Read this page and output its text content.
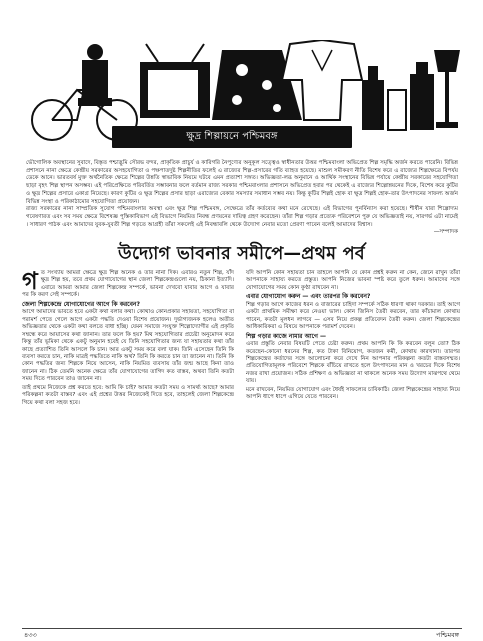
ক্ষুদ্র শিল্পায়নে পশ্চিমবঙ্গ
ভৌগোলিক অবস্থানের সুবাদে, বিস্তৃত পশ্চাদ্ভূমি সৌরভ বন্দর, প্রাকৃতিক প্রাচুর্য ও কারিগরি নৈপুণ্যের অনুকূল সত্ত্বেও স্বাধীনতার উত্তর পশ্চিমবাংলা অভিপ্রেত শিল্প সমৃদ্ধি অর্জন করতে পারেনি। বিভিন্ন প্রশাসনে নানা ক্ষেত্রে কেন্দ্রীয় সরকারের অসহযোগিতা ও পক্ষপাতদুষ্ট শিল্পনীতির ফলেই এ রাজ্যের শিল্প-প্রসারের গতি ব্যাহত হয়েছে। মাশুল সমীকরণ নীতি বিশেষ করে এ রাজ্যের শিল্পক্ষেত্রে বিপর্যয় ডেকে আনে। ভারতবর্ষ মুক্ত অর্থনৈতিক ক্ষেত্রে শিল্পের উন্নতি স্বাভাবিক নিয়মে ঘটবে এমন প্রত্যাশা সঙ্গত। অভিজ্ঞতা-লব্ধ অনুমানে ও আর্থিক সংস্থানের বিভিন্ন পর্যায়ে কেন্দ্রীয় সরকারের সহযোগিতা ছাড়া বৃহৎ শিল্প স্থাপন অসম্ভব। এই পরিপ্রেক্ষিতে পরিবর্তিত সম্ভাবনার ফলে বর্তমান রাজ্য সরকার পশ্চিমবাংলার প্রশাসনে অভিপ্রেত হবার পর থেকেই এ রাজ্যের শিল্পোন্নয়নের দিকে, বিশেষ করে কুটির ও ক্ষুদ্র শিল্পের প্রসারে একাগ্র নিয়েছে। কারণ কুটির ও ক্ষুদ্র শিল্পের প্রসার ছাড়া এরাজ্যের বেকার সমস্যার সমাধান সম্ভব নয়। কিন্তু কুটির শিল্পই হোক বা ক্ষুদ্র শিল্পই হোক-তার উৎপাদনের সাফল্য অর্জন বিভিন্ন সংস্থা ও পরিকাঠামোর সহযোগিতা প্রয়োজন।
রাজ্য সরকারের নানা সাম্প্রতিক সুযোগ পশ্চিমবাংলার অবস্থা এবং ক্ষুদ্র শিল্প পশ্চিমবঙ্গ, সেক্ষেত্রে তাঁর কর্তব্যের কথা মনে রেখেছে। এই বিভাগের পুনর্বিন্যাস করা হয়েছে। শীর্ষীন যারা শিল্পোদ্যম গবেষণারত এবং সব সময় ক্ষেত্রে বিশেষজ্ঞ পুস্তিকাবিভাগ এই বিভাগে নিয়মিত নিবন্ধ প্রণয়নের দায়িত্ব গ্রহণ করেছেন। তাঁরা শিল্প গড়ার প্রত্যেক পরিবেশনে পুরু যে অভিজ্ঞতাই নয়, সারগর্ভ এটা নামেই । সাধারণ পাঠক এবং আমাদের যুবক-যুবতী শিল্প গড়তে আগ্রহী তাঁরা সকলেই এই নিবন্ধাবলি থেকে উদ্যোগ নেবার মতো প্রেরণা পাবেন বলেই আমাদের বিশ্বাস।
—সম্পাদক
উদ্যোগ ভাবনার সমীপে—প্রথম পর্ব

গত সংখ্যায় আমরা ক্ষেত্রে ক্ষুদ্র শিল্প অনেক ও তার নানা দিক। এবারও নতুন শিল্প, যাঁদ ক্ষুদ্র শিল্প হয়, তবে প্রথম যোগাযোগের স্থান জেলা শিল্পকেন্দ্রগুলো নয়, ঠিকানা ইত্যাদি। এবারে আমরা আমার জেলা শিল্পকেন্দ্র সম্পর্কে, ভাবনা দেখবো যাবার আগে ও যাবার পর কি করণ সেই সম্পর্কে।

জেলা শিল্পকেন্দ্রে যোগাযোগের আগে কি করবেন?

আগে আমাদের ভাবতে হবে একটা কথা বলার কথা। কোথাও কোনপ্রকার সহায়তা, সহযোগিতা বা পরামর্শ পেতে গেলে আগে একটা পদ্ধতি দেওয়া বিশেষ প্রয়োজন। দুর্ভাগ্যজনক হলেও অতীত অভিজ্ঞতার থেকে একটা কথা বলতে বাধা হচ্ছি। যেমন সমাজে সংযুক্ত শিল্পোদ্যোগীর এই প্রকৃতি সম্বন্ধে করে আয়াসের কথা জানান। তার ফলে কি হয়? মিথ সহযোগিতার প্রচেষ্টা অনুমোদন করে কিন্তু তাঁর ভূমিকা থেকে একটু অনুমান হবেই যে তিনি সহযোগিতার জন্য যা সহায়তার কথা তাঁর কাছে প্রত্যাশিত তিনি আসলে কি চান। আর একটু সময় করে বলা যাক। তিনি এসেছেন তিনি কি ব্যবসা করতে চান, নাকি মাত্রই পদ্ধতিতে নাকি অর্থ? তিনি কি করতে চান তা জানেন না। তিনি কি কোন পদ্ধতির জন্য শিল্পকে নিয়ে আসেন, নাকি নিয়মিত ব্যবসায় তাঁর জন্ম আছে কিনা তাও জানেন না। ঠিক তেমনি অনেক ক্ষেত্রে তাঁর যোগাযোগের তাগিদ কত বাস্তব, অথবা তিনি কতটা সময় দিতে পারবেন তাও জানেন না।

তাই প্রথমে নিজেকে প্রশ্ন করতে হবে: আমি কি চাই? আমার কতটা সময় ও সামর্থ্য আছে? আমার পরিকল্পনা কতটা বাস্তব? এবং এই প্রশ্নের উত্তর নিজেকেই দিতে হবে, তাহলেই জেলা শিল্পকেন্দ্রে গিয়ে কথা বলা সহজ হবে।

যদি আপনি কোন সহায়তা চান তাহলে আপনি যে কোন প্রশ্নই করুন না কেন, জেনে রাখুন তাঁরা আপনাকে সাহায্য করতে প্রস্তুত। আপনি নিজের ভাবনা স্পষ্ট করে তুলে ধরুন। আমাদের সঙ্গে যোগাযোগের সময় কোন কুণ্ঠা রাখবেন না।

এবার যোগাযোগ করুন — এবং তারপর কি করবেন?

শিল্প গড়ার আগে কাজের ধরন ও বাজারের চাহিদা সম্পর্কে সঠিক ধারণা থাকা দরকার। তাই আগে একটা প্রাথমিক সমীক্ষা করে নেওয়া ভাল। কোন জিনিস তৈরী করবেন, তার কাঁচামাল কোথায় পাবেন, কতটা মূলধন লাগবে — এসব নিয়ে প্রকল্প প্রতিবেদন তৈরী করুন। জেলা শিল্পকেন্দ্রের আধিকারিকরা এ বিষয়ে আপনাকে পরামর্শ দেবেন।

শিল্প গড়ার কাজে নামার আগে —

এবার প্রস্তুতি নেবার বিষয়টি পেতে চেষ্টা করুন। প্রথম আপনি কি কি করবেন বলুন তো? ঠিক করেছেন-কোনো ধরনের শিল্প, কত টাকা বিনিয়োগ, কতজন কর্মী, কোথায় কারখানা। তারপর শিল্পকেন্দ্রের কর্তাদের সঙ্গে আলোচনা করে দেখে নিন আপনার পরিকল্পনা কতটা বাস্তবসম্মত। প্রতিযোগিতামূলক পরিবেশে শিল্পকে বাঁচিয়ে রাখতে হলে উৎপাদনের মান ও খরচের দিকে বিশেষ নজর রাখা প্রয়োজন। সঠিক প্রশিক্ষণ ও অভিজ্ঞতা না থাকলে অনেক সময় উদ্যোগ মাঝপথে থেমে যায়।

মনে রাখবেন, নিয়মিত যোগাযোগ এবং ধৈর্যই সাফল্যের চাবিকাঠি। জেলা শিল্পকেন্দ্রের সাহায্য নিয়ে আপনি ধাপে ধাপে এগিয়ে যেতে পারবেন।

৪৩৩	পশ্চিমবঙ্গ
